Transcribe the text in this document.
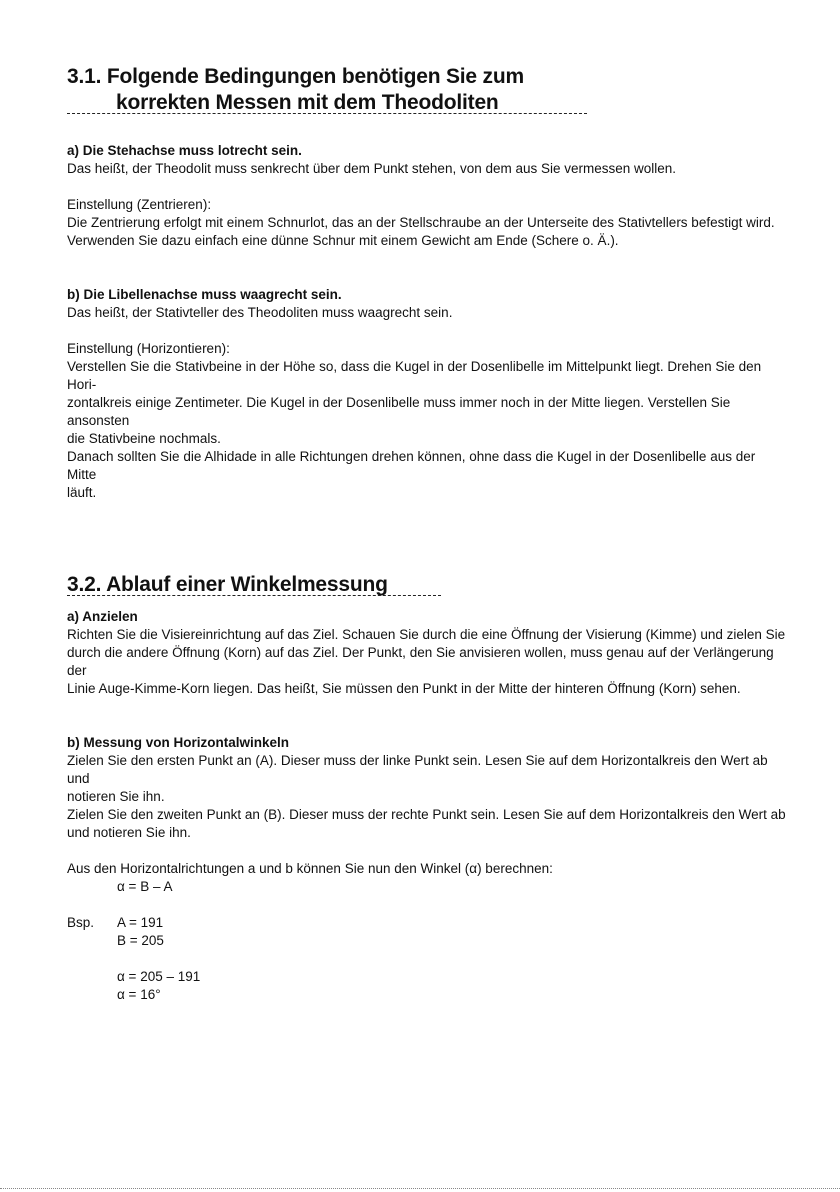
3.1. Folgende Bedingungen benötigen Sie zum
korrekten Messen mit dem Theodoliten

a) Die Stehachse muss lotrecht sein.

Das heißt, der Theodolit muss senkrecht über dem Punkt stehen, von dem aus Sie vermessen wollen.

Einstellung (Zentrieren):

Die Zentrierung erfolgt mit einem Schnurlot, das an der Stellschraube an der Unterseite des Stativtellers befestigt wird.

Verwenden Sie dazu einfach eine dünne Schnur mit einem Gewicht am Ende (Schere o. Ä.).

b) Die Libellenachse muss waagrecht sein.

Das heißt, der Stativteller des Theodoliten muss waagrecht sein.

Einstellung (Horizontieren):

Verstellen Sie die Stativbeine in der Höhe so, dass die Kugel in der Dosenlibelle im Mittelpunkt liegt. Drehen Sie den Hori-

zontalkreis einige Zentimeter. Die Kugel in der Dosenlibelle muss immer noch in der Mitte liegen. Verstellen Sie ansonsten

die Stativbeine nochmals.

Danach sollten Sie die Alhidade in alle Richtungen drehen können, ohne dass die Kugel in der Dosenlibelle aus der Mitte

läuft.

3.2. Ablauf einer Winkelmessung

a) Anzielen

Richten Sie die Visiereinrichtung auf das Ziel. Schauen Sie durch die eine Öffnung der Visierung (Kimme) und zielen Sie

durch die andere Öffnung (Korn) auf das Ziel. Der Punkt, den Sie anvisieren wollen, muss genau auf der Verlängerung der

Linie Auge-Kimme-Korn liegen. Das heißt, Sie müssen den Punkt in der Mitte der hinteren Öffnung (Korn) sehen.

b) Messung von Horizontalwinkeln

Zielen Sie den ersten Punkt an (A). Dieser muss der linke Punkt sein. Lesen Sie auf dem Horizontalkreis den Wert ab und

notieren Sie ihn.

Zielen Sie den zweiten Punkt an (B). Dieser muss der rechte Punkt sein. Lesen Sie auf dem Horizontalkreis den Wert ab

und notieren Sie ihn.

Aus den Horizontalrichtungen a und b können Sie nun den Winkel (α) berechnen:

α = B – A
Bsp.	A = 191
B = 205
α = 205 – 191
α = 16°
